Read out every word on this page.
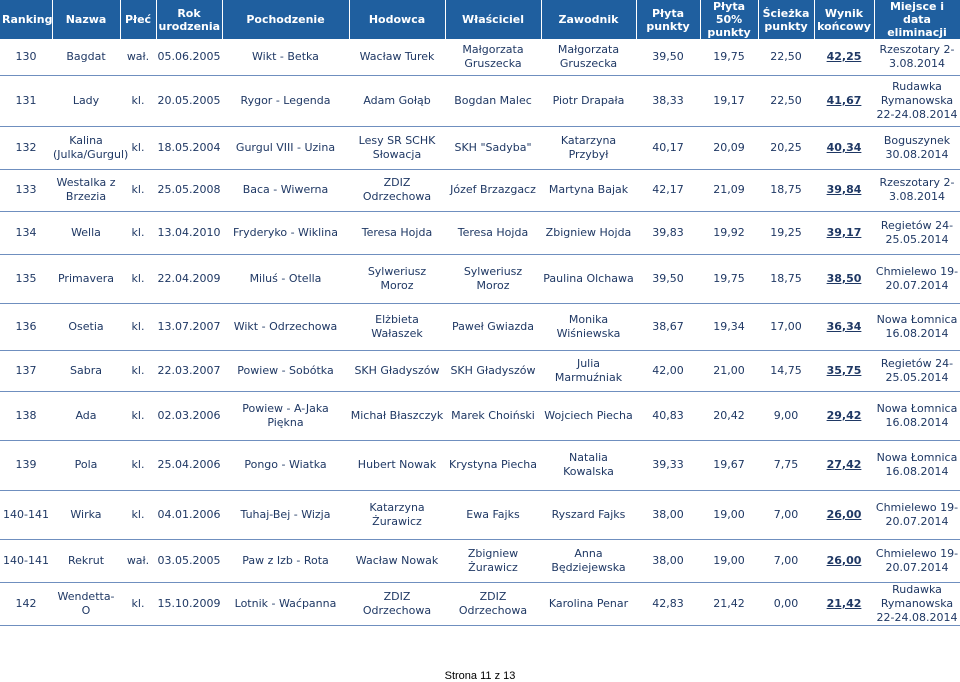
Ranking	Nazwa	Płeć	Rok urodzenia	Pochodzenie	Hodowca	Właściciel	Zawodnik	Płyta punkty	Płyta 50% punkty	Ścieżka punkty	Wynik końcowy	Miejsce i data eliminacji
130	Bagdat	wał.	05.06.2005	Wikt - Betka	Wacław Turek	Małgorzata Gruszecka	Małgorzata Gruszecka	39,50	19,75	22,50	42,25	Rzeszotary 2-3.08.2014
131	Lady	kl.	20.05.2005	Rygor - Legenda	Adam Gołąb	Bogdan Malec	Piotr Drapała	38,33	19,17	22,50	41,67	Rudawka Rymanowska 22-24.08.2014
132	Kalina (Julka/Gurgul)	kl.	18.05.2004	Gurgul VIII - Uzina	Lesy SR SCHK Słowacja	SKH "Sadyba"	Katarzyna Przybył	40,17	20,09	20,25	40,34	Boguszynek 30.08.2014
133	Westalka z Brzezia	kl.	25.05.2008	Baca - Wiwerna	ZDIZ Odrzechowa	Józef Brzazgacz	Martyna Bajak	42,17	21,09	18,75	39,84	Rzeszotary 2-3.08.2014
134	Wella	kl.	13.04.2010	Fryderyko - Wiklina	Teresa Hojda	Teresa Hojda	Zbigniew Hojda	39,83	19,92	19,25	39,17	Regietów 24-25.05.2014
135	Primavera	kl.	22.04.2009	Miluś - Otella	Sylweriusz Moroz	Sylweriusz Moroz	Paulina Olchawa	39,50	19,75	18,75	38,50	Chmielewo 19-20.07.2014
136	Osetia	kl.	13.07.2007	Wikt - Odrzechowa	Elżbieta Wałaszek	Paweł Gwiazda	Monika Wiśniewska	38,67	19,34	17,00	36,34	Nowa Łomnica 16.08.2014
137	Sabra	kl.	22.03.2007	Powiew - Sobótka	SKH Gładyszów	SKH Gładyszów	Julia Marmuźniak	42,00	21,00	14,75	35,75	Regietów 24-25.05.2014
138	Ada	kl.	02.03.2006	Powiew - A-Jaka Piękna	Michał Błaszczyk	Marek Choiński	Wojciech Piecha	40,83	20,42	9,00	29,42	Nowa Łomnica 16.08.2014
139	Pola	kl.	25.04.2006	Pongo - Wiatka	Hubert Nowak	Krystyna Piecha	Natalia Kowalska	39,33	19,67	7,75	27,42	Nowa Łomnica 16.08.2014
140-141	Wirka	kl.	04.01.2006	Tuhaj-Bej - Wizja	Katarzyna Żurawicz	Ewa Fajks	Ryszard Fajks	38,00	19,00	7,00	26,00	Chmielewo 19-20.07.2014
140-141	Rekrut	wał.	03.05.2005	Paw z Izb - Rota	Wacław Nowak	Zbigniew Żurawicz	Anna Będziejewska	38,00	19,00	7,00	26,00	Chmielewo 19-20.07.2014
142	Wendetta-O	kl.	15.10.2009	Lotnik - Waćpanna	ZDIZ Odrzechowa	ZDIZ Odrzechowa	Karolina Penar	42,83	21,42	0,00	21,42	Rudawka Rymanowska 22-24.08.2014
Strona 11 z 13
